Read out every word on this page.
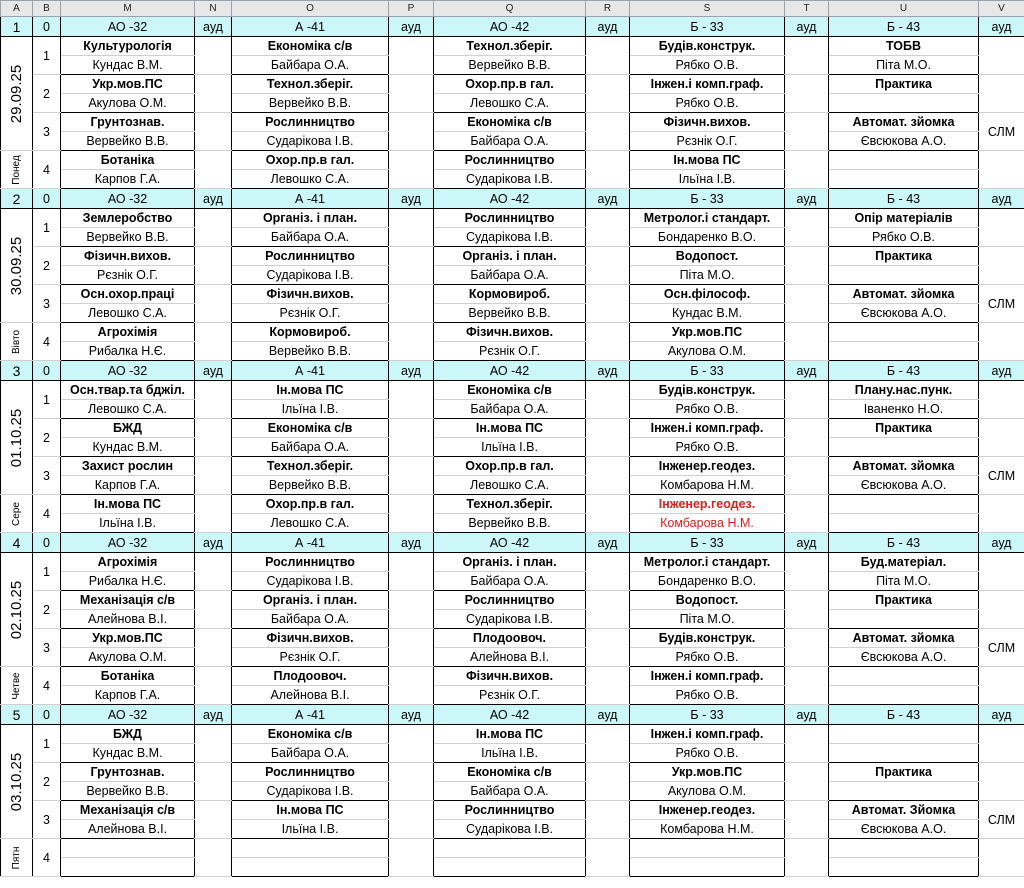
A	B	M	N	O	P	Q	R	S	T	U	V
1	0	АО -32	ауд	А -41	ауд	АО -42	ауд	Б - 33	ауд	Б - 43	ауд

29.09.25	1	Культурологія		Економіка с/в		Технол.зберіг.		Будів.конструк.		ТОБВ	
		Кундас В.М.		Байбара О.А.		Вервейко В.В.		Рябко О.В.		Піта М.О.	
	2	Укр.мов.ПС		Технол.зберіг.		Охор.пр.в гал.		Інжен.і комп.граф.		Практика	
		Акулова О.М.		Вервейко В.В.		Левошко С.А.		Рябко О.В.			
	3	Грунтознав.		Рослинництво		Економіка с/в		Фізичн.вихов.		Автомат. зйомка	СЛМ
		Вервейко В.В.		Сударікова І.В.		Байбара О.А.		Рєзнік О.Г.		Євсюкова А.О.	

Понед	4	Ботаніка		Охор.пр.в гал.		Рослинництво		Ін.мова ПС			
		Карпов Г.А.		Левошко С.А.		Сударікова І.В.		Ільїна І.В.			
2	0	АО -32	ауд	А -41	ауд	АО -42	ауд	Б - 33	ауд	Б - 43	ауд

30.09.25	1	Землеробство		Організ. і план.		Рослинництво		Метролог.і стандарт.		Опір матеріалів	
		Вервейко В.В.		Байбара О.А.		Сударікова І.В.		Бондаренко В.О.		Рябко О.В.	
	2	Фізичн.вихов.		Рослинництво		Організ. і план.		Водопост.		Практика	
		Рєзнік О.Г.		Сударікова І.В.		Байбара О.А.		Піта М.О.			
	3	Осн.охор.праці		Фізичн.вихов.		Кормовироб.		Осн.філософ.		Автомат. зйомка	СЛМ
		Левошко С.А.		Рєзнік О.Г.		Вервейко В.В.		Кундас В.М.		Євсюкова А.О.	

Вівто	4	Агрохімія		Кормовироб.		Фізичн.вихов.		Укр.мов.ПС			
		Рибалка Н.Є.		Вервейко В.В.		Рєзнік О.Г.		Акулова О.М.			
3	0	АО -32	ауд	А -41	ауд	АО -42	ауд	Б - 33	ауд	Б - 43	ауд

01.10.25	1	Осн.твар.та бджіл.		Ін.мова ПС		Економіка с/в		Будів.конструк.		Плану.нас.пунк.	
		Левошко С.А.		Ільїна І.В.		Байбара О.А.		Рябко О.В.		Іваненко Н.О.	
	2	БЖД		Економіка с/в		Ін.мова ПС		Інжен.і комп.граф.		Практика	
		Кундас В.М.		Байбара О.А.		Ільїна І.В.		Рябко О.В.			
	3	Захист рослин		Технол.зберіг.		Охор.пр.в гал.		Інженер.геодез.		Автомат. зйомка	СЛМ
		Карпов Г.А.		Вервейко В.В.		Левошко С.А.		Комбарова Н.М.		Євсюкова А.О.	

Сере	4	Ін.мова ПС		Охор.пр.в гал.		Технол.зберіг.		Інженер.геодез.			
		Ільїна І.В.		Левошко С.А.		Вервейко В.В.		Комбарова Н.М.			
4	0	АО -32	ауд	А -41	ауд	АО -42	ауд	Б - 33	ауд	Б - 43	ауд

02.10.25	1	Агрохімія		Рослинництво		Організ. і план.		Метролог.і стандарт.		Буд.матеріал.	
		Рибалка Н.Є.		Сударікова І.В.		Байбара О.А.		Бондаренко В.О.		Піта М.О.	
	2	Механізація с/в		Організ. і план.		Рослинництво		Водопост.		Практика	
		Алейнова В.І.		Байбара О.А.		Сударікова І.В.		Піта М.О.			
	3	Укр.мов.ПС		Фізичн.вихов.		Плодоовоч.		Будів.конструк.		Автомат. зйомка	СЛМ
		Акулова О.М.		Рєзнік О.Г.		Алейнова В.І.		Рябко О.В.		Євсюкова А.О.	

Четве	4	Ботаніка		Плодоовоч.		Фізичн.вихов.		Інжен.і комп.граф.			
		Карпов Г.А.		Алейнова В.І.		Рєзнік О.Г.		Рябко О.В.			
5	0	АО -32	ауд	А -41	ауд	АО -42	ауд	Б - 33	ауд	Б - 43	ауд

03.10.25	1	БЖД		Економіка с/в		Ін.мова ПС		Інжен.і комп.граф.			
		Кундас В.М.		Байбара О.А.		Ільїна І.В.		Рябко О.В.			
	2	Грунтознав.		Рослинництво		Економіка с/в		Укр.мов.ПС		Практика	
		Вервейко В.В.		Сударікова І.В.		Байбара О.А.		Акулова О.М.			
	3	Механізація с/в		Ін.мова ПС		Рослинництво		Інженер.геодез.		Автомат. Зйомка	СЛМ
		Алейнова В.І.		Ільїна І.В.		Сударікова І.В.		Комбарова Н.М.		Євсюкова А.О.	

Пятн	4										
